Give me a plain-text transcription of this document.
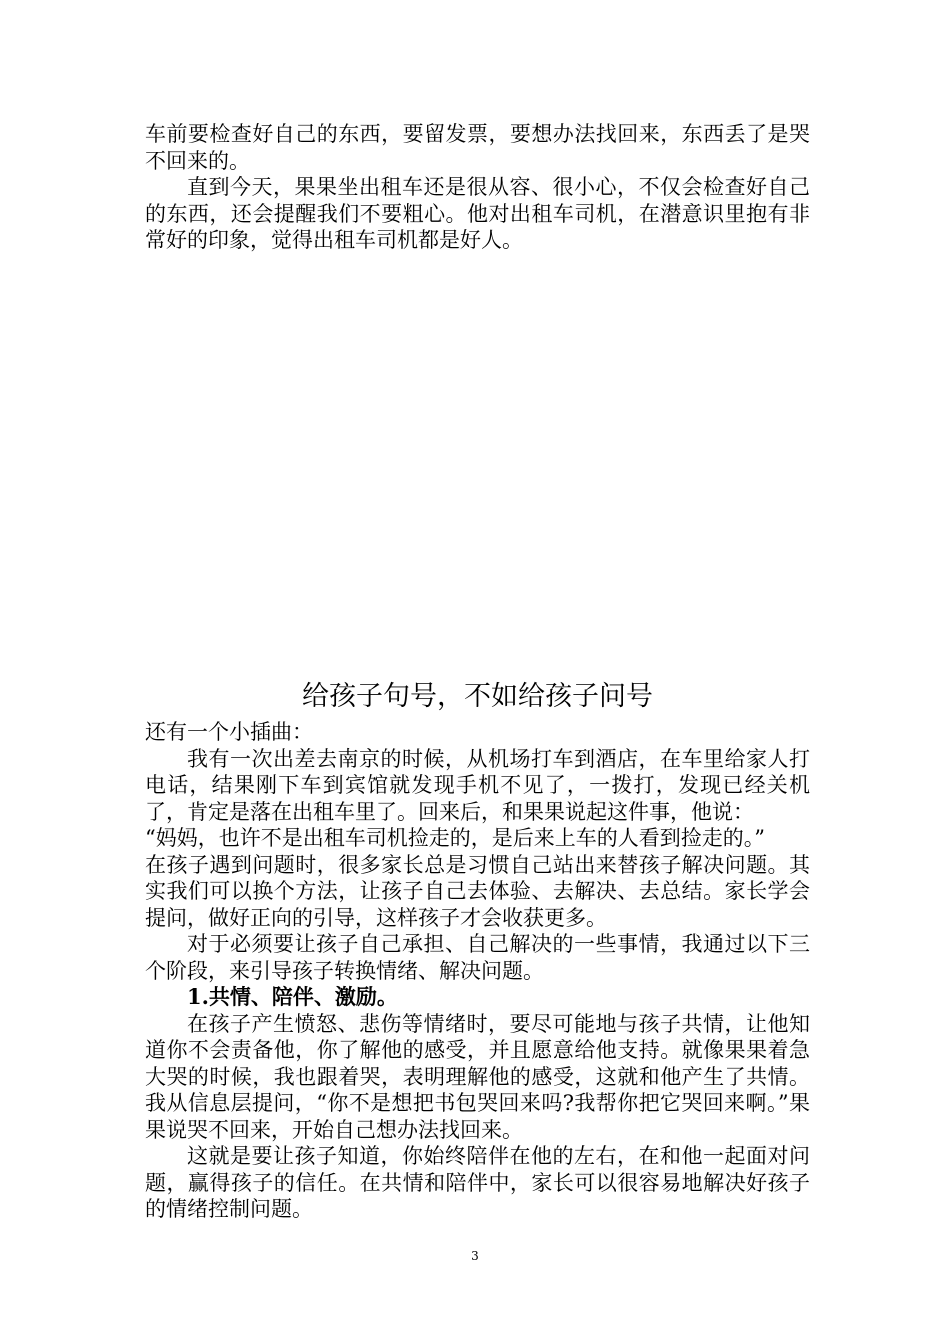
车前要检查好自己的东西，要留发票，要想办法找回来，东西丢了是哭不回来的。

直到今天，果果坐出租车还是很从容、很小心，不仅会检查好自己的东西，还会提醒我们不要粗心。他对出租车司机，在潜意识里抱有非常好的印象，觉得出租车司机都是好人。

给孩子句号，不如给孩子问号

还有一个小插曲：

我有一次出差去南京的时候，从机场打车到酒店，在车里给家人打电话，结果刚下车到宾馆就发现手机不见了，一拨打，发现已经关机了，肯定是落在出租车里了。回来后，和果果说起这件事，他说：

“妈妈，也许不是出租车司机捡走的，是后来上车的人看到捡走的。”

在孩子遇到问题时，很多家长总是习惯自己站出来替孩子解决问题。其实我们可以换个方法，让孩子自己去体验、去解决、去总结。家长学会提问，做好正向的引导，这样孩子才会收获更多。

对于必须要让孩子自己承担、自己解决的一些事情，我通过以下三个阶段，来引导孩子转换情绪、解决问题。

1.共情、陪伴、激励。

在孩子产生愤怒、悲伤等情绪时，要尽可能地与孩子共情，让他知道你不会责备他，你了解他的感受，并且愿意给他支持。就像果果着急大哭的时候，我也跟着哭，表明理解他的感受，这就和他产生了共情。我从信息层提问，“你不是想把书包哭回来吗?我帮你把它哭回来啊。”果果说哭不回来，开始自己想办法找回来。

这就是要让孩子知道，你始终陪伴在他的左右，在和他一起面对问题，赢得孩子的信任。在共情和陪伴中，家长可以很容易地解决好孩子的情绪控制问题。

3
